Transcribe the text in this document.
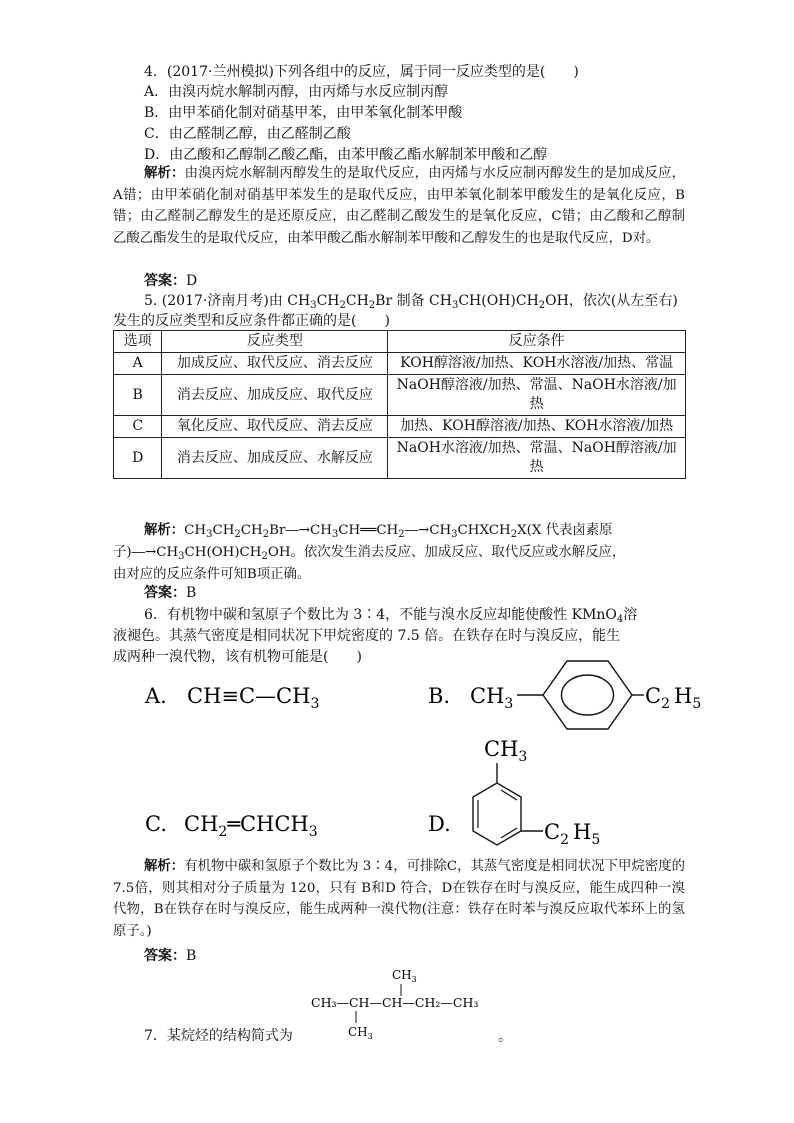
4．(2017·兰州模拟)下列各组中的反应，属于同一反应类型的是(　　)
A．由溴丙烷水解制丙醇，由丙烯与水反应制丙醇
B．由甲苯硝化制对硝基甲苯，由甲苯氧化制苯甲酸
C．由乙醛制乙醇，由乙醛制乙酸
D．由乙酸和乙醇制乙酸乙酯，由苯甲酸乙酯水解制苯甲酸和乙醇
解析：由溴丙烷水解制丙醇发生的是取代反应，由丙烯与水反应制丙醇发生的是加成反应，A错；由甲苯硝化制对硝基甲苯发生的是取代反应，由甲苯氧化制苯甲酸发生的是氧化反应，B错；由乙醛制乙醇发生的是还原反应，由乙醛制乙酸发生的是氧化反应，C错；由乙酸和乙醇制乙酸乙酯发生的是取代反应，由苯甲酸乙酯水解制苯甲酸和乙醇发生的也是取代反应，D对。
答案：D
5. (2017·济南月考)由 $CH_3CH_2CH_2Br$ 制备 $CH_3CH(OH)CH_2OH$，依次(从左至右)
发生的反应类型和反应条件都正确的是(　　)
选项	反应类型	反应条件
A	加成反应、取代反应、消去反应	KOH醇溶液/加热、KOH水溶液/加热、常温
B	消去反应、加成反应、取代反应	NaOH醇溶液/加热、常温、NaOH水溶液/加热
C	氧化反应、取代反应、消去反应	加热、KOH醇溶液/加热、KOH水溶液/加热
D	消去反应、加成反应、水解反应	NaOH水溶液/加热、常温、NaOH醇溶液/加热
解析：$CH_3CH_2CH_2Br―\to CH_3CH══CH_2―\to CH_3CHXCH_2X(X$ 代表卤素原
子)$―\to CH_3CH(OH)CH_2OH$。依次发生消去反应、加成反应、取代反应或水解反应，
由对应的反应条件可知B项正确。
答案：B
6．有机物中碳和氢原子个数比为 3∶4，不能与溴水反应却能使酸性 KMnO$_4$溶
液褪色。其蒸气密度是相同状况下甲烷密度的 7.5 倍。在铁存在时与溴反应，能生
成两种一溴代物，该有机物可能是(　　)
A. $CH\equiv C—CH_3$	B. $CH_3$	$C_2$ $H_5$
C. $CH_2═CHCH_3$	D.
$CH_3$
$C_2$ $H_5$
$CH_3$
CH₃—CH—CH—CH₂—CH₃
$CH_3$
解析：有机物中碳和氢原子个数比为 3∶4，可排除C，其蒸气密度是相同状况下甲烷密度的7.5倍，则其相对分子质量为 120，只有 B和D 符合，D在铁存在时与溴反应，能生成四种一溴代物，B在铁存在时与溴反应，能生成两种一溴代物(注意：铁存在时苯与溴反应取代苯环上的氢原子。)
答案：B
7．某烷烃的结构简式为	。
